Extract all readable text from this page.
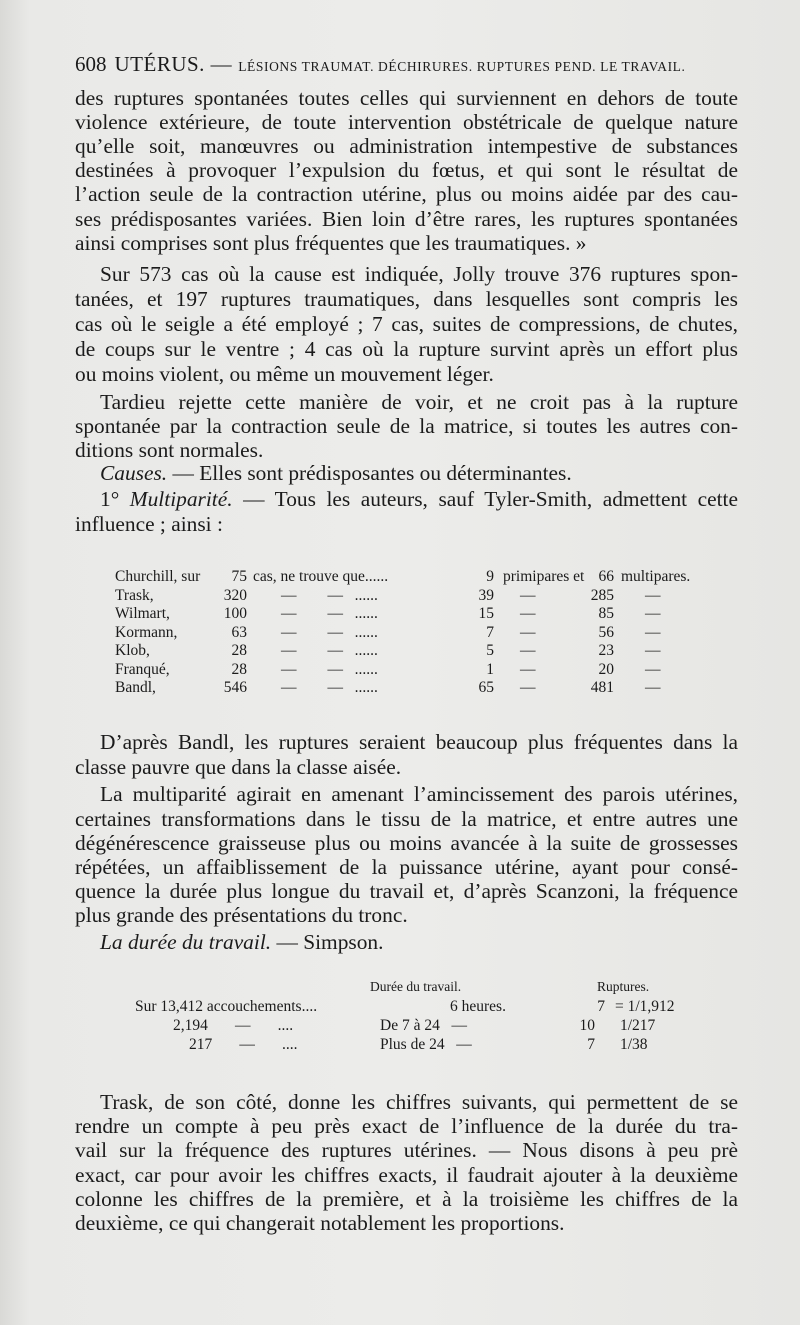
608 UTÉRUS. — LÉSIONS TRAUMAT. DÉCHIRURES. RUPTURES PEND. LE TRAVAIL.

des ruptures spontanées toutes celles qui surviennent en dehors de toute

violence extérieure, de toute intervention obstétricale de quelque nature

qu’elle soit, manœuvres ou administration intempestive de substances

destinées à provoquer l’expulsion du fœtus, et qui sont le résultat de

l’action seule de la contraction utérine, plus ou moins aidée par des cau-

ses prédisposantes variées. Bien loin d’être rares, les ruptures spontanées

ainsi comprises sont plus fréquentes que les traumatiques. »

Sur 573 cas où la cause est indiquée, Jolly trouve 376 ruptures spon-

tanées, et 197 ruptures traumatiques, dans lesquelles sont compris les

cas où le seigle a été employé ; 7 cas, suites de compressions, de chutes,

de coups sur le ventre ; 4 cas où la rupture survint après un effort plus

ou moins violent, ou même un mouvement léger.

Tardieu rejette cette manière de voir, et ne croit pas à la rupture

spontanée par la contraction seule de la matrice, si toutes les autres con-

ditions sont normales.

Causes. — Elles sont prédisposantes ou déterminantes.

1° Multiparité. — Tous les auteurs, sauf Tyler-Smith, admettent cette

influence ; ainsi :

Churchill, sur	75 cas, ne trouve que......	9 primipares et 66 multipares.
Trask,	320 —        —   ......	39 —	285 —
Wilmart,	100 —        —   ......	15 —	85 —
Kormann,	63 —        —   ......	7 —	56 —
Klob,	28 —        —   ......	5 —	23 —
Franqué,	28 —        —   ......	1 —	20 —
Bandl,	546 —        —   ......	65 —	481 —

D’après Bandl, les ruptures seraient beaucoup plus fréquentes dans la

classe pauvre que dans la classe aisée.

La multiparité agirait en amenant l’amincissement des parois utérines,

certaines transformations dans le tissu de la matrice, et entre autres une

dégénérescence graisseuse plus ou moins avancée à la suite de grossesses

répétées, un affaiblissement de la puissance utérine, ayant pour consé-

quence la durée plus longue du travail et, d’après Scanzoni, la fréquence

plus grande des présentations du tronc.

La durée du travail. — Simpson.

Durée du travail.	Ruptures.
Sur 13,412 accouchements....	6 heures.	7 = 1/1,912
2,194       —       ....	De 7 à 24   —	10 1/217
217       —       ....	Plus de 24   —	7 1/38

Trask, de son côté, donne les chiffres suivants, qui permettent de se

rendre un compte à peu près exact de l’influence de la durée du tra-

vail sur la fréquence des ruptures utérines. — Nous disons à peu prè

exact, car pour avoir les chiffres exacts, il faudrait ajouter à la deuxième

colonne les chiffres de la première, et à la troisième les chiffres de la

deuxième, ce qui changerait notablement les proportions.
